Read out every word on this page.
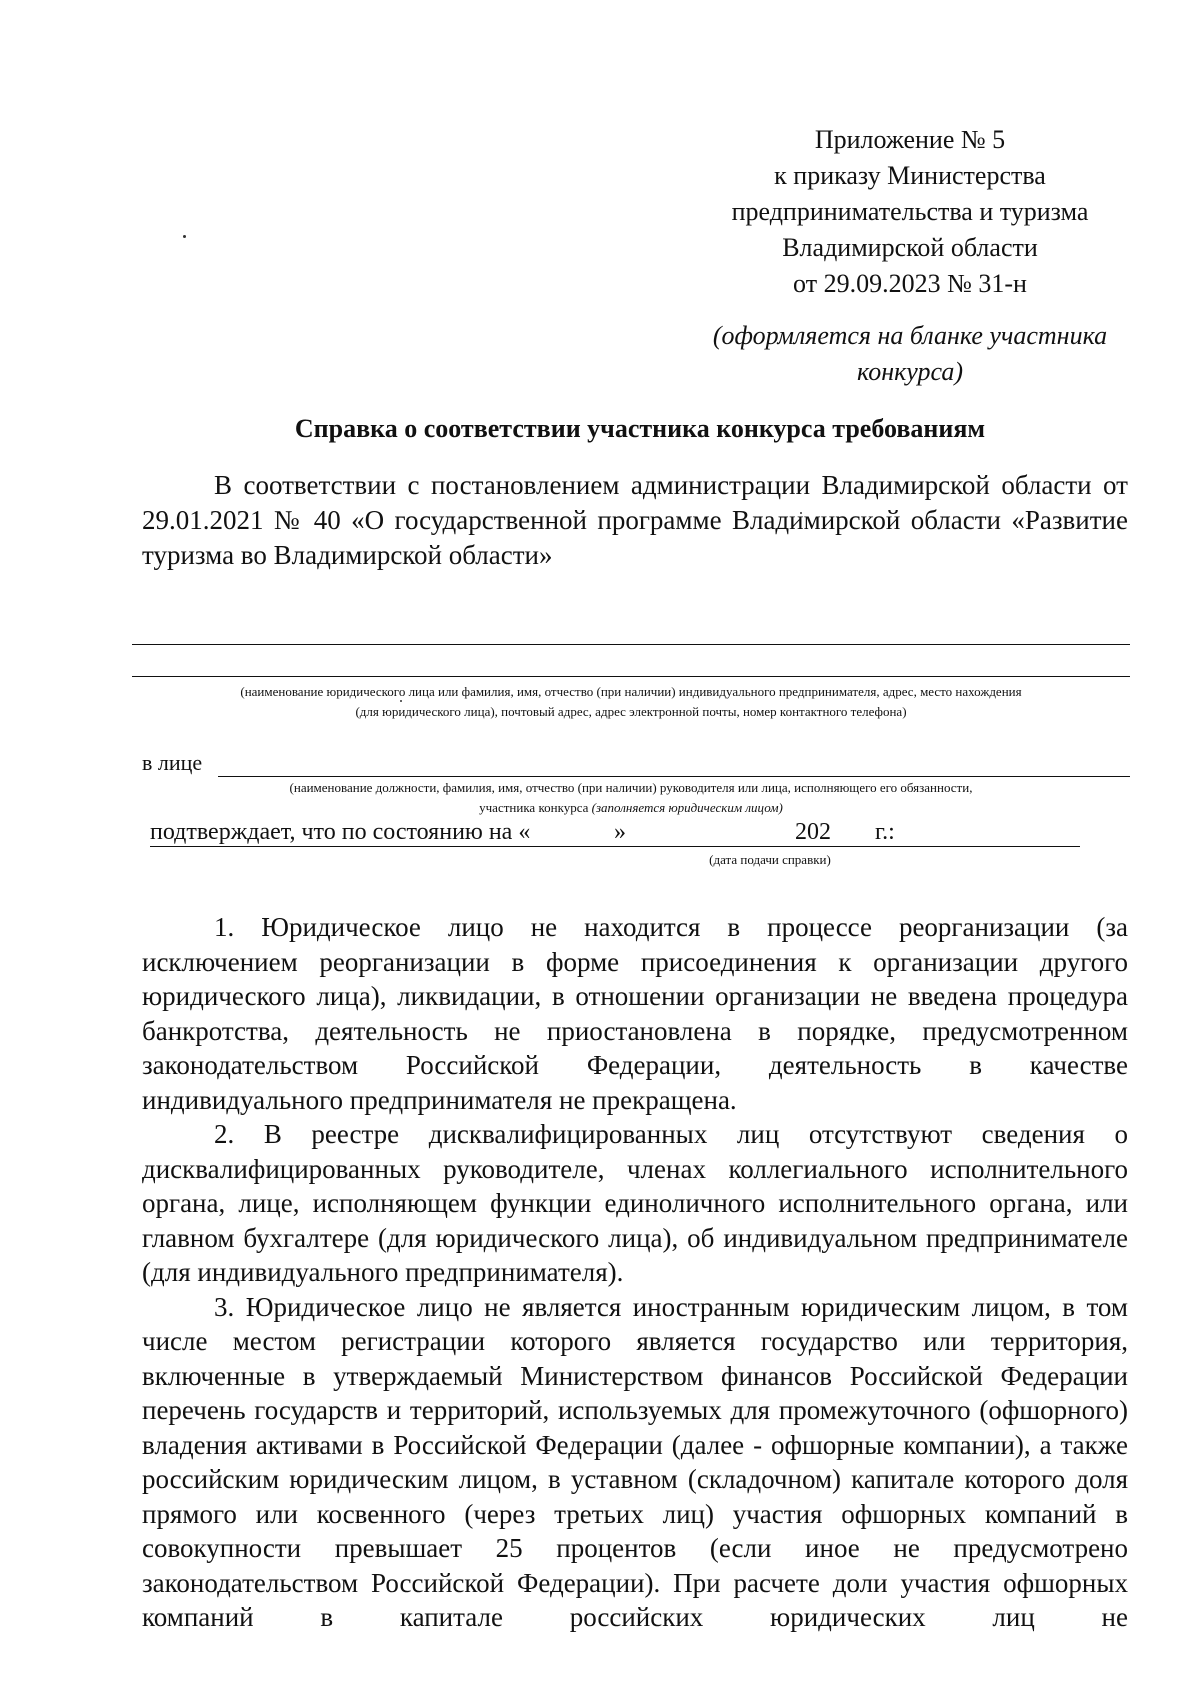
Приложение № 5
к приказу Министерства
предпринимательства и туризма
Владимирской области
от 29.09.2023 № 31-н
(оформляется на бланке участника
конкурса)
Справка о соответствии участника конкурса требованиям
В соответствии с постановлением администрации Владимирской области от 29.01.2021 № 40 «О государственной программе Владимирской области «Развитие туризма во Владимирской области»
(наименование юридического лица или фамилия, имя, отчество (при наличии) индивидуального предпринимателя, адрес, место нахождения
(для юридического лица), почтовый адрес, адрес электронной почты, номер контактного телефона)
в лице
(наименование должности, фамилия, имя, отчество (при наличии) руководителя или лица, исполняющего его обязанности,
участника конкурса (заполняется юридическим лицом)
подтверждает, что по состоянию на «	»	202 г.:
(дата подачи справки)

1. Юридическое лицо не находится в процессе реорганизации (за исключением реорганизации в форме присоединения к организации другого юридического лица), ликвидации, в отношении организации не введена процедура банкротства, деятельность не приостановлена в порядке, предусмотренном законодательством Российской Федерации, деятельность в качестве индивидуального предпринимателя не прекращена.

2. В реестре дисквалифицированных лиц отсутствуют сведения о дисквалифицированных руководителе, членах коллегиального исполнительного органа, лице, исполняющем функции единоличного исполнительного органа, или главном бухгалтере (для юридического лица), об индивидуальном предпринимателе (для индивидуального предпринимателя).

3. Юридическое лицо не является иностранным юридическим лицом, в том числе местом регистрации которого является государство или территория, включенные в утверждаемый Министерством финансов Российской Федерации перечень государств и территорий, используемых для промежуточного (офшорного) владения активами в Российской Федерации (далее - офшорные компании), а также российским юридическим лицом, в уставном (складочном) капитале которого доля прямого или косвенного (через третьих лиц) участия офшорных компаний в совокупности превышает 25 процентов (если иное не предусмотрено законодательством Российской Федерации). При расчете доли участия офшорных компаний в капитале российских юридических лиц не
